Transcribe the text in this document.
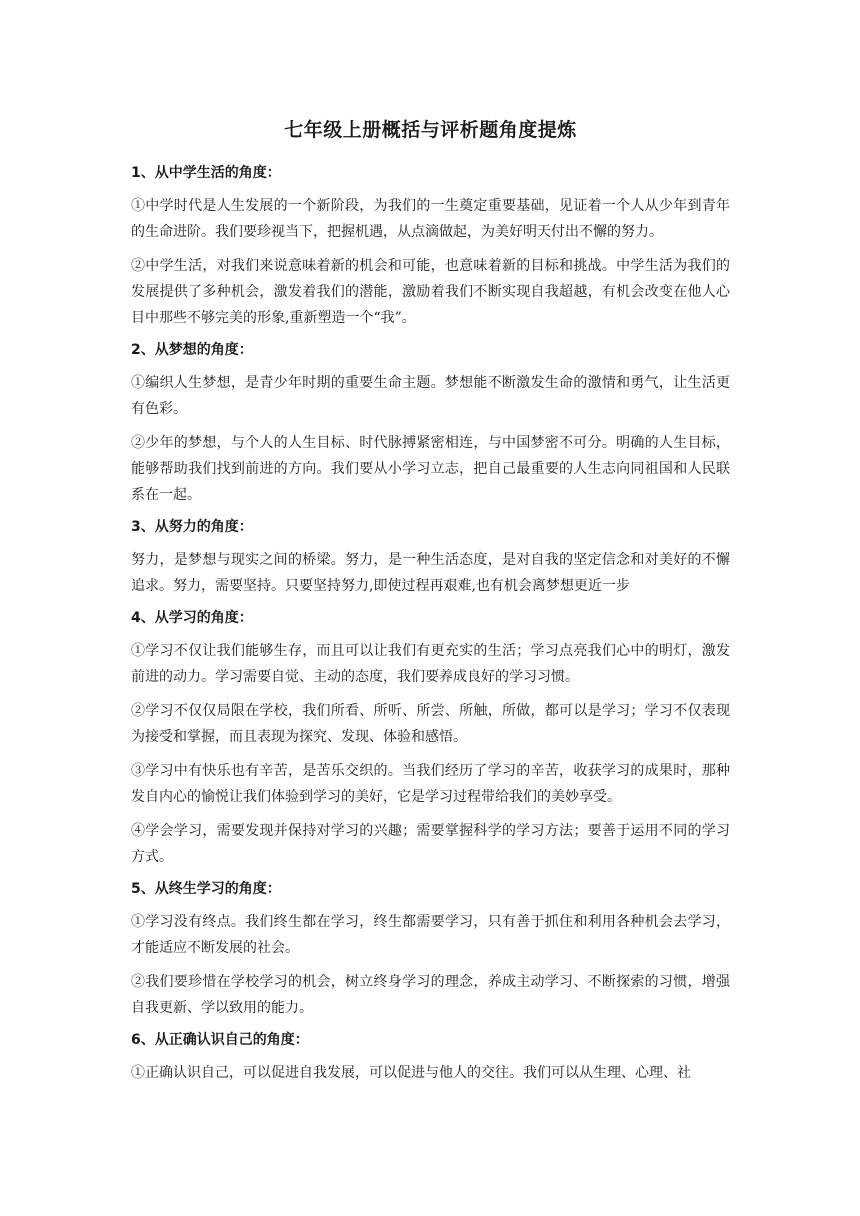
七年级上册概括与评析题角度提炼
1、从中学生活的角度：

①中学时代是人生发展的一个新阶段，为我们的一生奠定重要基础，见证着一个人从少年到青年的生命进阶。我们要珍视当下，把握机遇，从点滴做起，为美好明天付出不懈的努力。

②中学生活，对我们来说意味着新的机会和可能，也意味着新的目标和挑战。中学生活为我们的发展提供了多种机会，激发着我们的潜能，激励着我们不断实现自我超越，有机会改变在他人心目中那些不够完美的形象,重新塑造一个“我”。

2、从梦想的角度：

①编织人生梦想，是青少年时期的重要生命主题。梦想能不断激发生命的激情和勇气，让生活更有色彩。

②少年的梦想，与个人的人生目标、时代脉搏紧密相连，与中国梦密不可分。明确的人生目标，能够帮助我们找到前进的方向。我们要从小学习立志，把自己最重要的人生志向同祖国和人民联系在一起。

3、从努力的角度：

努力，是梦想与现实之间的桥梁。努力，是一种生活态度，是对自我的坚定信念和对美好的不懈追求。努力，需要坚持。只要坚持努力,即使过程再艰难,也有机会离梦想更近一步

4、从学习的角度：

①学习不仅让我们能够生存，而且可以让我们有更充实的生活；学习点亮我们心中的明灯，激发前进的动力。学习需要自觉、主动的态度，我们要养成良好的学习习惯。

②学习不仅仅局限在学校，我们所看、所听、所尝、所触，所做，都可以是学习；学习不仅表现为接受和掌握，而且表现为探究、发现、体验和感悟。

③学习中有快乐也有辛苦，是苦乐交织的。当我们经历了学习的辛苦，收获学习的成果时，那种发自内心的愉悦让我们体验到学习的美好，它是学习过程带给我们的美妙享受。

④学会学习，需要发现并保持对学习的兴趣；需要掌握科学的学习方法；要善于运用不同的学习方式。

5、从终生学习的角度：

①学习没有终点。我们终生都在学习，终生都需要学习，只有善于抓住和利用各种机会去学习，才能适应不断发展的社会。

②我们要珍惜在学校学习的机会，树立终身学习的理念，养成主动学习、不断探索的习惯，增强自我更新、学以致用的能力。

6、从正确认识自己的角度：

①正确认识自己，可以促进自我发展，可以促进与他人的交往。我们可以从生理、心理、社
